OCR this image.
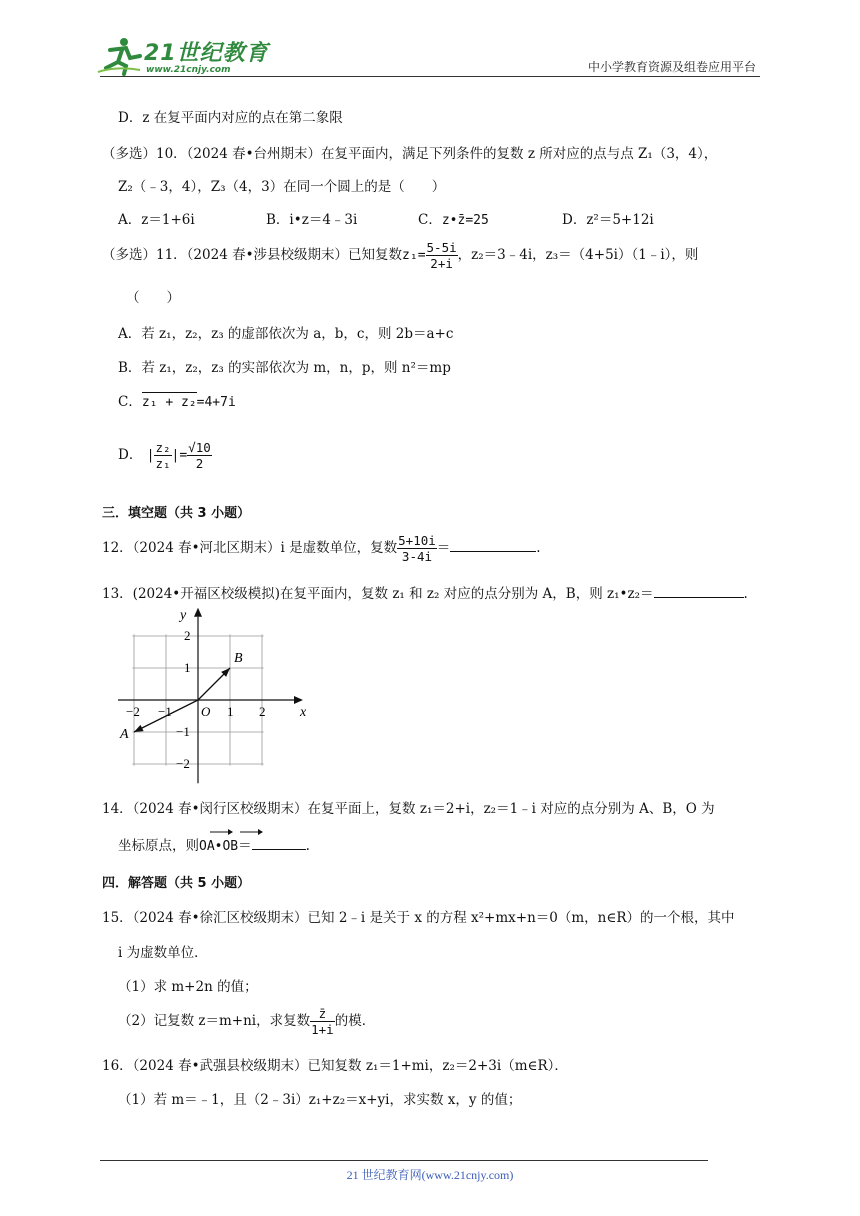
21世纪教育
www.21cnjy.com	中小学教育资源及组卷应用平台
D．z 在复平面内对应的点在第二象限
（多选）10．（2024 春•台州期末）在复平面内，满足下列条件的复数 z 所对应的点与点 Z₁（3，4），
Z₂（﹣3，4），Z₃（4，3）在同一个圆上的是（　　）
A．z＝1+6i	B．i•z＝4﹣3i	C．z•z̄=25	D．z²＝5+12i
（多选）11．（2024 春•涉县校级期末）已知复数$z_1= \frac{5-5i}{2+i}$ ，z₂＝3﹣4i，z₃＝（4+5i）（1﹣i），则
（　　）
A．若 z₁，z₂，z₃ 的虚部依次为 a，b，c，则 2b＝a+c
B．若 z₁，z₂，z₃ 的实部依次为 m，n，p，则 n²＝mp
C．z₁ + z₂=4+7i
D． | $\frac{\text{z₂}}{\text{z₁}}$ |= $\frac{√10}{2}$
三．填空题（共 3 小题）
12．（2024 春•河北区期末）i 是虚数单位，复数 $\frac{5+10i}{3-4i}$ ＝	.
13．(2024•开福区校级模拟)在复平面内，复数 z₁ 和 z₂ 对应的点分别为 A，B，则 z₁•z₂＝	.
x
y
O
−2 −1	1 2
2
1
−1
−2
A
B
14．（2024 春•闵行区校级期末）在复平面上，复数 z₁＝2+i，z₂＝1﹣i 对应的点分别为 A、B，O 为
坐标原点，则OA•OB＝	.
四．解答题（共 5 小题）
15．（2024 春•徐汇区校级期末）已知 2﹣i 是关于 x 的方程 x²+mx+n＝0（m，n∈R）的一个根，其中
i 为虚数单位．
（1）求 m+2n 的值；
（2）记复数 z＝m+ni，求复数 $\frac{z̄}{1+i}$ 的模．
16．（2024 春•武强县校级期末）已知复数 z₁＝1+mi，z₂＝2+3i（m∈R）．
（1）若 m＝﹣1，且（2﹣3i）z₁+z₂＝x+yi，求实数 x，y 的值；
21 世纪教育网(www.21cnjy.com)
